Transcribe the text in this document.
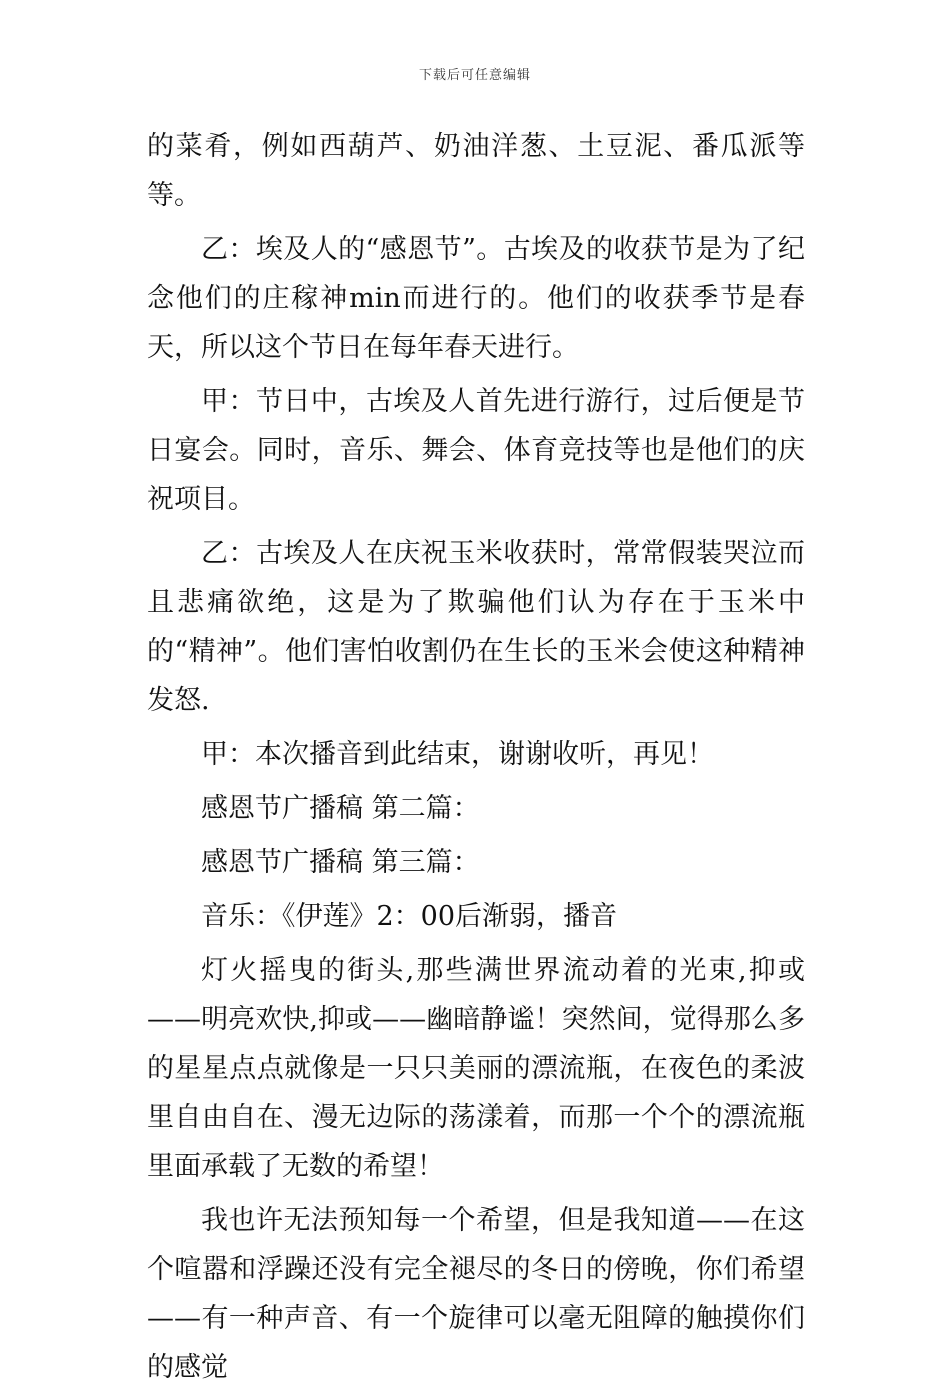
下载后可任意编辑

的菜肴，例如西葫芦、奶油洋葱、土豆泥、番瓜派等等。

乙：埃及人的“感恩节”。古埃及的收获节是为了纪念他们的庄稼神min而进行的。他们的收获季节是春天，所以这个节日在每年春天进行。

甲：节日中，古埃及人首先进行游行，过后便是节日宴会。同时，音乐、舞会、体育竞技等也是他们的庆祝项目。

乙：古埃及人在庆祝玉米收获时，常常假装哭泣而且悲痛欲绝，这是为了欺骗他们认为存在于玉米中的“精神”。他们害怕收割仍在生长的玉米会使这种精神发怒.

甲：本次播音到此结束，谢谢收听，再见！

感恩节广播稿 第二篇：

感恩节广播稿 第三篇：

音乐：《伊莲》2：00后渐弱，播音

灯火摇曳的街头,那些满世界流动着的光束,抑或——明亮欢快,抑或——幽暗静谧！突然间，觉得那么多的星星点点就像是一只只美丽的漂流瓶，在夜色的柔波里自由自在、漫无边际的荡漾着，而那一个个的漂流瓶里面承载了无数的希望！

我也许无法预知每一个希望，但是我知道——在这个喧嚣和浮躁还没有完全褪尽的冬日的傍晚，你们希望——有一种声音、有一个旋律可以毫无阻障的触摸你们的感觉
